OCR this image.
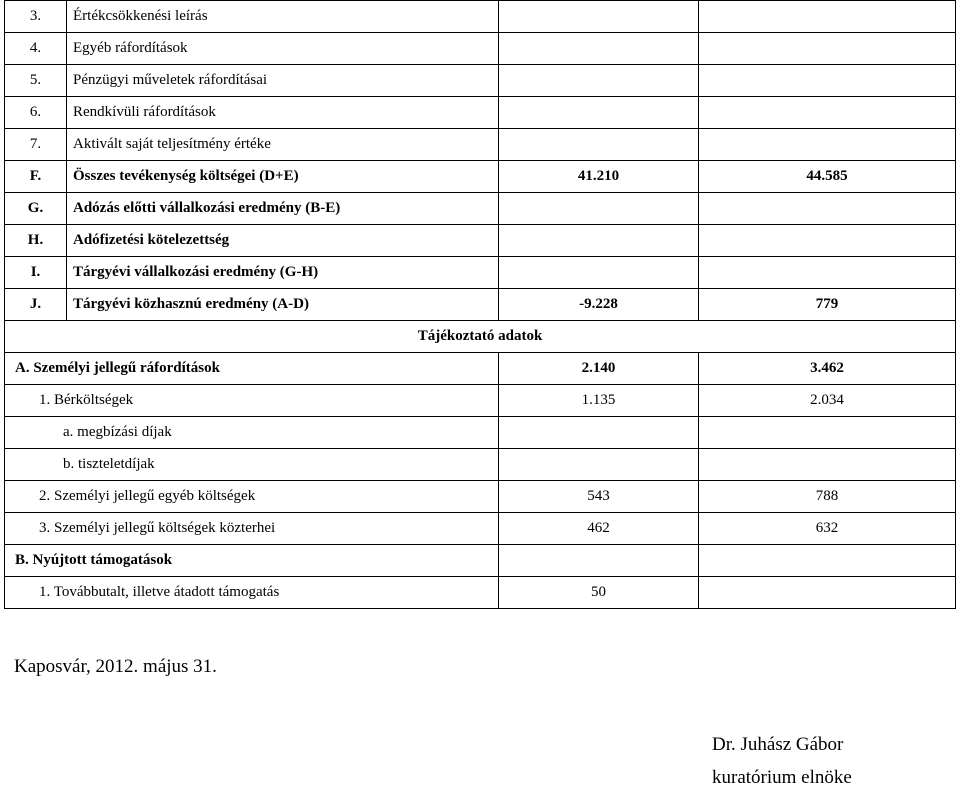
3.	Értékcsökkenési leírás		
4.	Egyéb ráfordítások		
5.	Pénzügyi műveletek ráfordításai		
6.	Rendkívüli ráfordítások		
7.	Aktivált saját teljesítmény értéke		
F.	Összes tevékenység költségei (D+E)	41.210	44.585
G.	Adózás előtti vállalkozási eredmény (B-E)		
H.	Adófizetési kötelezettség		
I.	Tárgyévi vállalkozási eredmény (G-H)		
J.	Tárgyévi közhasznú eredmény (A-D)	-9.228	779
Tájékoztató adatok			
A. Személyi jellegű ráfordítások		2.140	3.462
1. Bérköltségek		1.135	2.034
a. megbízási díjak			
b. tiszteletdíjak			
2. Személyi jellegű egyéb költségek		543	788
3. Személyi jellegű költségek közterhei		462	632
B. Nyújtott támogatások			
1. Továbbutalt, illetve átadott támogatás		50	
Kaposvár, 2012. május 31.
Dr. Juhász Gábor
kuratórium elnöke
